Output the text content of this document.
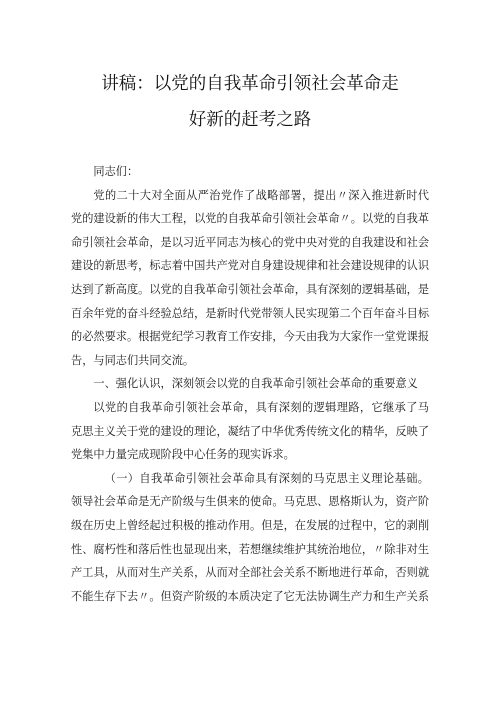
讲稿：以党的自我革命引领社会革命走
好新的赶考之路

同志们：

党的二十大对全面从严治党作了战略部署，提出〃深入推进新时代党的建设新的伟大工程，以党的自我革命引领社会革命〃。以党的自我革命引领社会革命，是以习近平同志为核心的党中央对党的自我建设和社会建设的新思考，标志着中国共产党对自身建设规律和社会建设规律的认识达到了新高度。以党的自我革命引领社会革命，具有深刻的逻辑基础，是百余年党的奋斗经验总结，是新时代党带领人民实现第二个百年奋斗目标的必然要求。根据党纪学习教育工作安排，今天由我为大家作一堂党课报告，与同志们共同交流。

一、强化认识，深刻领会以党的自我革命引领社会革命的重要意义

以党的自我革命引领社会革命，具有深刻的逻辑理路，它继承了马克思主义关于党的建设的理论，凝结了中华优秀传统文化的精华，反映了党集中力量完成现阶段中心任务的现实诉求。

（一）自我革命引领社会革命具有深刻的马克思主义理论基础。领导社会革命是无产阶级与生俱来的使命。马克思、恩格斯认为，资产阶级在历史上曾经起过积极的推动作用。但是，在发展的过程中，它的剥削性、腐朽性和落后性也显现出来，若想继续维护其统治地位，〃除非对生产工具，从而对生产关系，从而对全部社会关系不断地进行革命，否则就不能生存下去〃。但资产阶级的本质决定了它无法协调生产力和生产关系
